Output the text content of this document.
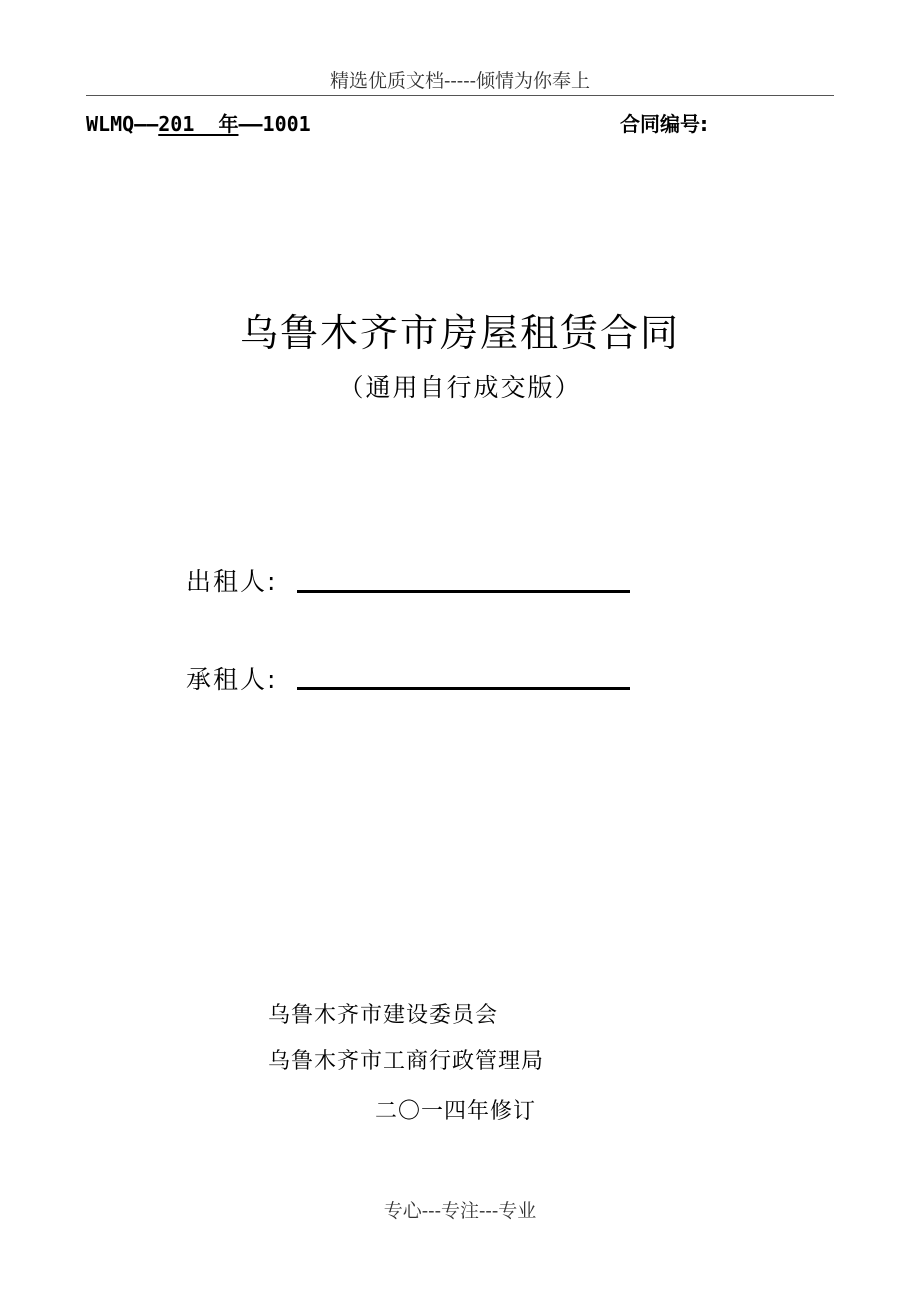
精选优质文档-----倾情为你奉上
WLMQ——201  年——1001	合同编号:
乌鲁木齐市房屋租赁合同
（通用自行成交版）
出租人:
承租人:
乌鲁木齐市建设委员会
乌鲁木齐市工商行政管理局
二〇一四年修订
专心---专注---专业
